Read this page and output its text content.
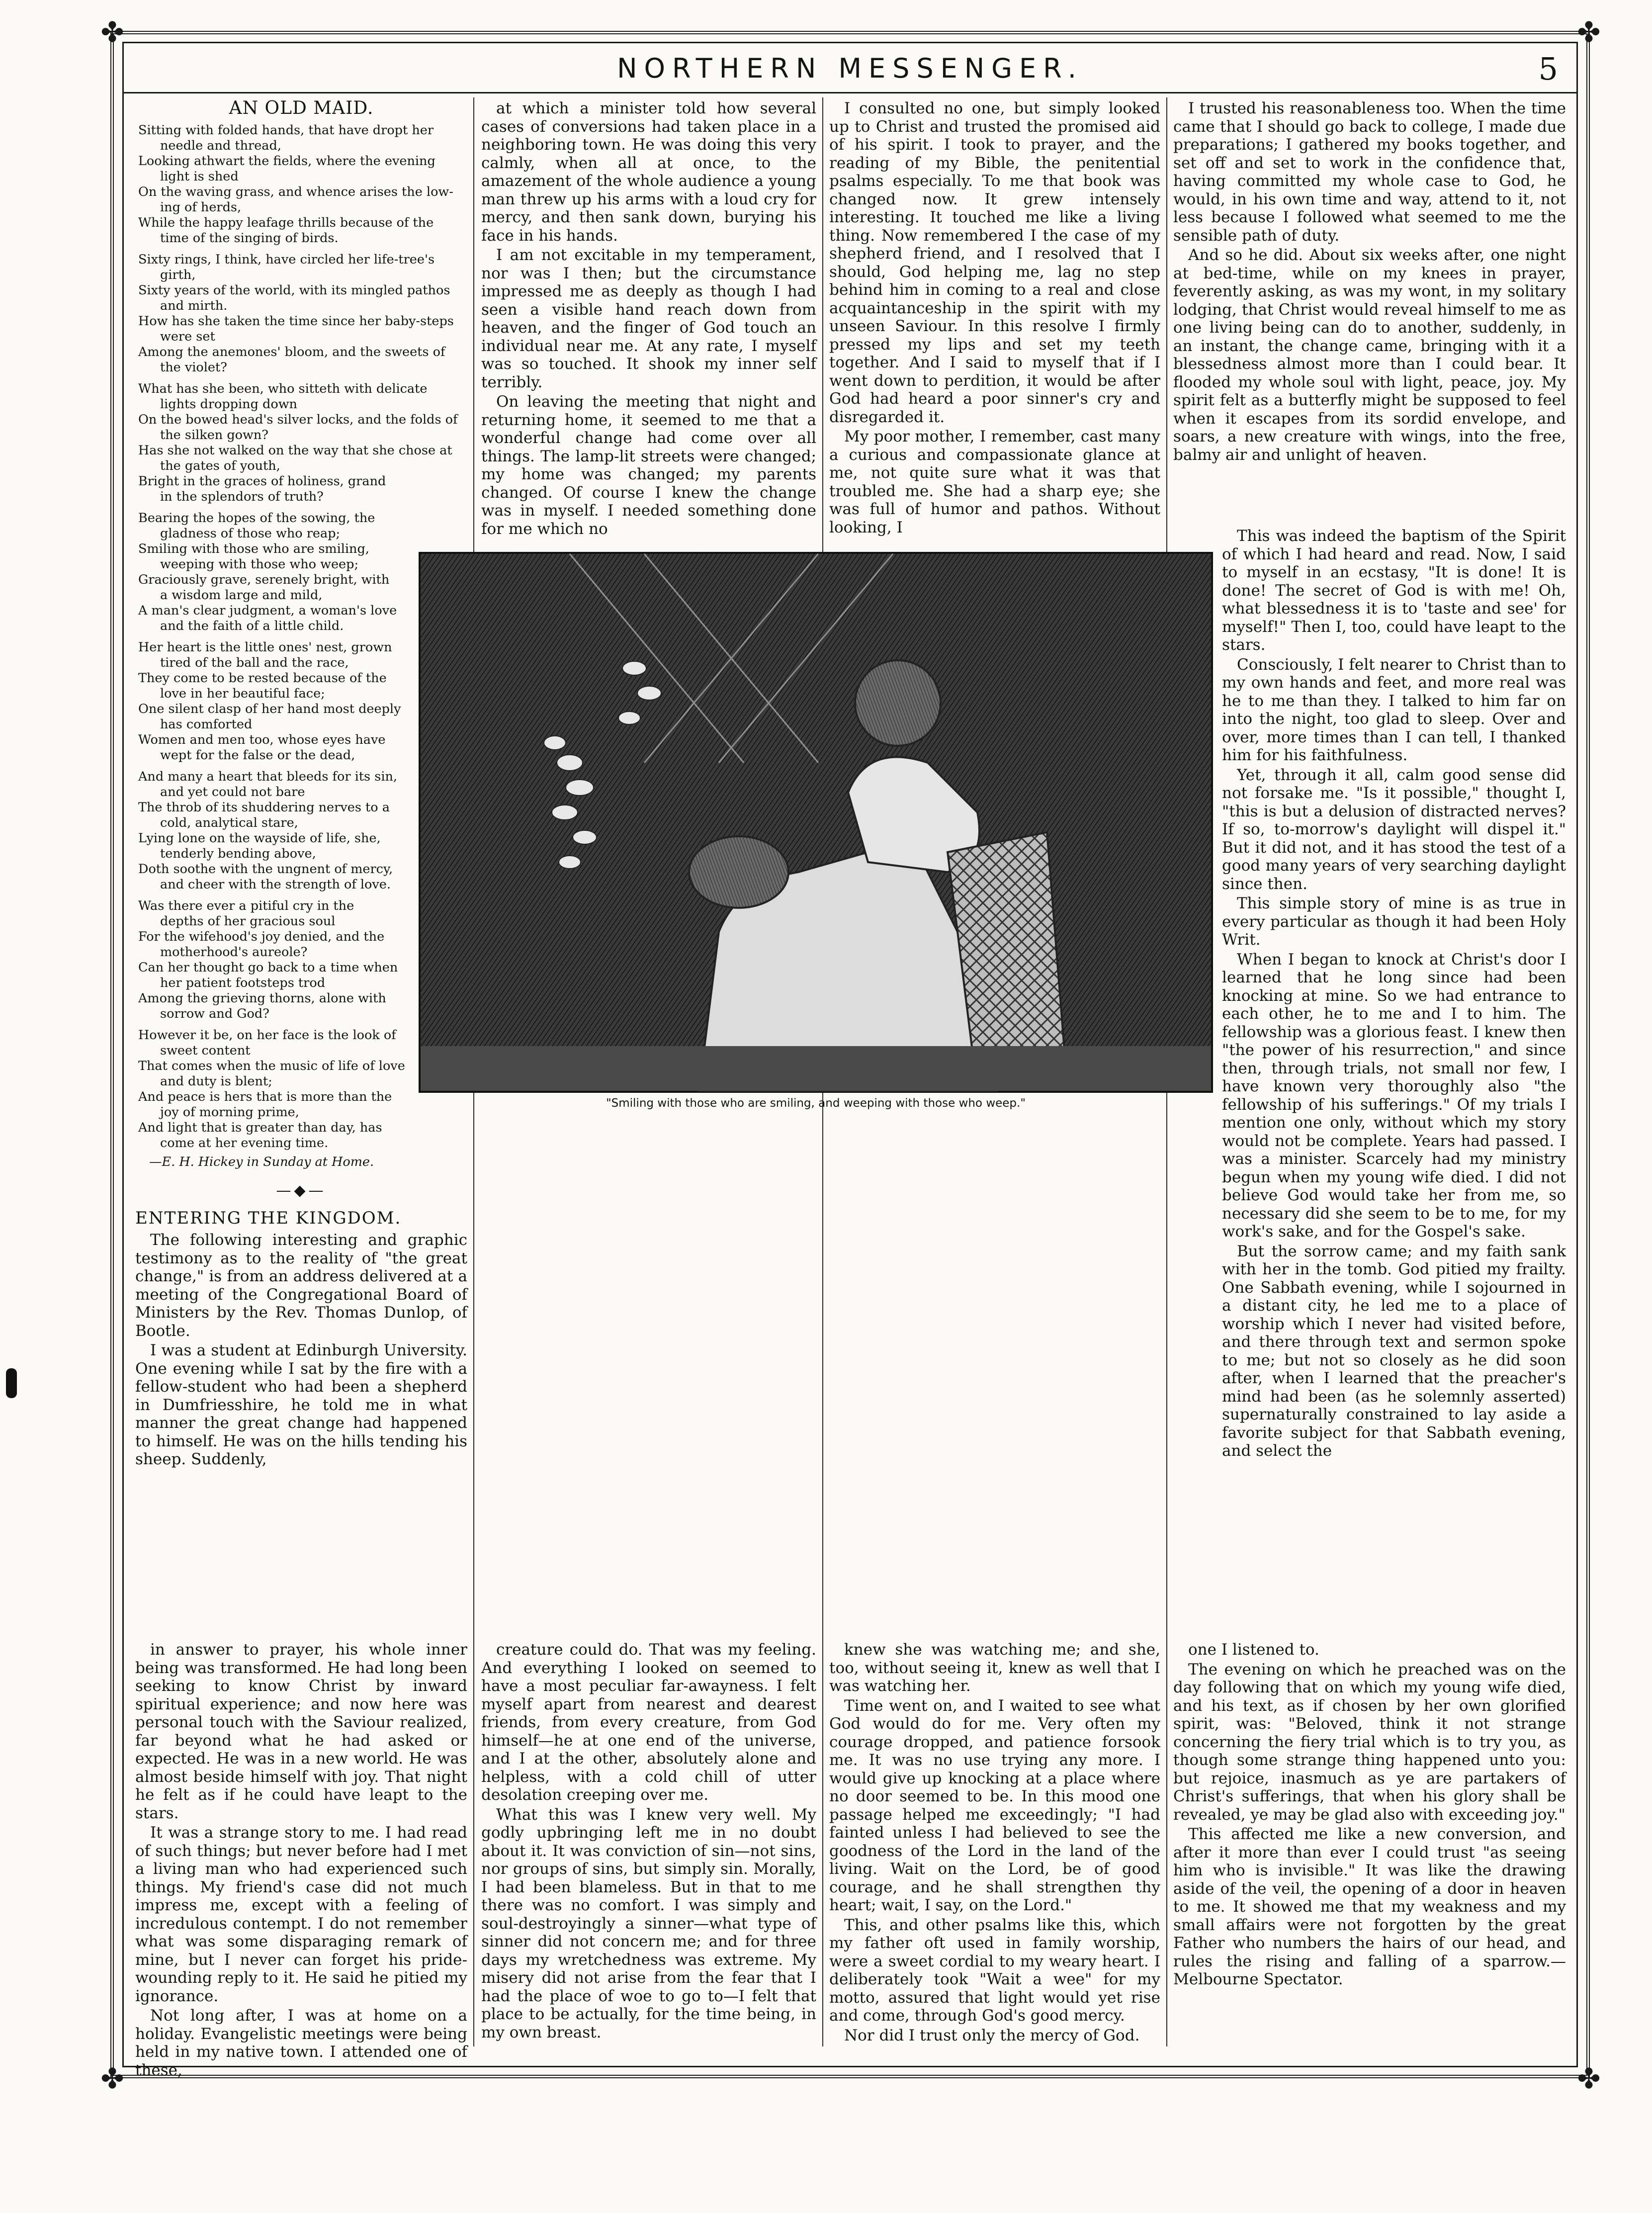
✤	✤
✤	✤
NORTHERN MESSENGER.	5
AN OLD MAID.
Sitting with folded hands, that have dropt her
needle and thread,
Looking athwart the fields, where the evening
light is shed
On the waving grass, and whence arises the low-
ing of herds,
While the happy leafage thrills because of the
time of the singing of birds.
Sixty rings, I think, have circled her life-tree's
girth,
Sixty years of the world, with its mingled pathos
and mirth.
How has she taken the time since her baby-steps
were set
Among the anemones' bloom, and the sweets of
the violet?
What has she been, who sitteth with delicate
lights dropping down
On the bowed head's silver locks, and the folds of
the silken gown?
Has she not walked on the way that she chose at
the gates of youth,
Bright in the graces of holiness, grand
in the splendors of truth?
Bearing the hopes of the sowing, the
gladness of those who reap;
Smiling with those who are smiling,
weeping with those who weep;
Graciously grave, serenely bright, with
a wisdom large and mild,
A man's clear judgment, a woman's love
and the faith of a little child.
Her heart is the little ones' nest, grown
tired of the ball and the race,
They come to be rested because of the
love in her beautiful face;
One silent clasp of her hand most deeply
has comforted
Women and men too, whose eyes have
wept for the false or the dead,
And many a heart that bleeds for its sin,
and yet could not bare
The throb of its shuddering nerves to a
cold, analytical stare,
Lying lone on the wayside of life, she,
tenderly bending above,
Doth soothe with the ungnent of mercy,
and cheer with the strength of love.
Was there ever a pitiful cry in the
depths of her gracious soul
For the wifehood's joy denied, and the
motherhood's aureole?
Can her thought go back to a time when
her patient footsteps trod
Among the grieving thorns, alone with
sorrow and God?
However it be, on her face is the look of
sweet content
That comes when the music of life of love
and duty is blent;
And peace is hers that is more than the
joy of morning prime,
And light that is greater than day, has
come at her evening time.
—E. H. Hickey in Sunday at Home.
—◆—
ENTERING THE KINGDOM.

The following interesting and graphic testimony as to the reality of "the great change," is from an address delivered at a meeting of the Congregational Board of Ministers by the Rev. Thomas Dunlop, of Bootle.

I was a student at Edinburgh University. One evening while I sat by the fire with a fellow-student who had been a shepherd in Dumfriesshire, he told me in what manner the great change had happened to himself. He was on the hills tending his sheep. Suddenly,

in answer to prayer, his whole inner being was transformed. He had long been seeking to know Christ by inward spiritual experience; and now here was personal touch with the Saviour realized, far beyond what he had asked or expected. He was in a new world. He was almost beside himself with joy. That night he felt as if he could have leapt to the stars.

It was a strange story to me. I had read of such things; but never before had I met a living man who had experienced such things. My friend's case did not much impress me, except with a feeling of incredulous contempt. I do not remember what was some disparaging remark of mine, but I never can forget his pride-wounding reply to it. He said he pitied my ignorance.

Not long after, I was at home on a holiday. Evangelistic meetings were being held in my native town. I attended one of these,

at which a minister told how several cases of conversions had taken place in a neighboring town. He was doing this very calmly, when all at once, to the amazement of the whole audience a young man threw up his arms with a loud cry for mercy, and then sank down, burying his face in his hands.

I am not excitable in my temperament, nor was I then; but the circumstance impressed me as deeply as though I had seen a visible hand reach down from heaven, and the finger of God touch an individual near me. At any rate, I myself was so touched. It shook my inner self terribly.

On leaving the meeting that night and returning home, it seemed to me that a wonderful change had come over all things. The lamp-lit streets were changed; my home was changed; my parents changed. Of course I knew the change was in myself. I needed something done for me which no

creature could do. That was my feeling. And everything I looked on seemed to have a most peculiar far-awayness. I felt myself apart from nearest and dearest friends, from every creature, from God himself—he at one end of the universe, and I at the other, absolutely alone and helpless, with a cold chill of utter desolation creeping over me.

What this was I knew very well. My godly upbringing left me in no doubt about it. It was conviction of sin—not sins, nor groups of sins, but simply sin. Morally, I had been blameless. But in that to me there was no comfort. I was simply and soul-destroyingly a sinner—what type of sinner did not concern me; and for three days my wretchedness was extreme. My misery did not arise from the fear that I had the place of woe to go to—I felt that place to be actually, for the time being, in my own breast.

I consulted no one, but simply looked up to Christ and trusted the promised aid of his spirit. I took to prayer, and the reading of my Bible, the penitential psalms especially. To me that book was changed now. It grew intensely interesting. It touched me like a living thing. Now remembered I the case of my shepherd friend, and I resolved that I should, God helping me, lag no step behind him in coming to a real and close acquaintanceship in the spirit with my unseen Saviour. In this resolve I firmly pressed my lips and set my teeth together. And I said to myself that if I went down to perdition, it would be after God had heard a poor sinner's cry and disregarded it.

My poor mother, I remember, cast many a curious and compassionate glance at me, not quite sure what it was that troubled me. She had a sharp eye; she was full of humor and pathos. Without looking, I

knew she was watching me; and she, too, without seeing it, knew as well that I was watching her.

Time went on, and I waited to see what God would do for me. Very often my courage dropped, and patience forsook me. It was no use trying any more. I would give up knocking at a place where no door seemed to be. In this mood one passage helped me exceedingly; "I had fainted unless I had believed to see the goodness of the Lord in the land of the living. Wait on the Lord, be of good courage, and he shall strengthen thy heart; wait, I say, on the Lord."

This, and other psalms like this, which my father oft used in family worship, were a sweet cordial to my weary heart. I deliberately took "Wait a wee" for my motto, assured that light would yet rise and come, through God's good mercy.

Nor did I trust only the mercy of God.

I trusted his reasonableness too. When the time came that I should go back to college, I made due preparations; I gathered my books together, and set off and set to work in the confidence that, having committed my whole case to God, he would, in his own time and way, attend to it, not less because I followed what seemed to me the sensible path of duty.

And so he did. About six weeks after, one night at bed-time, while on my knees in prayer, feverently asking, as was my wont, in my solitary lodging, that Christ would reveal himself to me as one living being can do to another, suddenly, in an instant, the change came, bringing with it a blessedness almost more than I could bear. It flooded my whole soul with light, peace, joy. My spirit felt as a butterfly might be supposed to feel when it escapes from its sordid envelope, and soars, a new creature with wings, into the free, balmy air and unlight of heaven.

This was indeed the baptism of the Spirit of which I had heard and read. Now, I said to myself in an ecstasy, "It is done! It is done! The secret of God is with me! Oh, what blessedness it is to 'taste and see' for myself!" Then I, too, could have leapt to the stars.

Consciously, I felt nearer to Christ than to my own hands and feet, and more real was he to me than they. I talked to him far on into the night, too glad to sleep. Over and over, more times than I can tell, I thanked him for his faithfulness.

Yet, through it all, calm good sense did not forsake me. "Is it possible," thought I, "this is but a delusion of distracted nerves? If so, to-morrow's daylight will dispel it." But it did not, and it has stood the test of a good many years of very searching daylight since then.

This simple story of mine is as true in every particular as though it had been Holy Writ.

When I began to knock at Christ's door I learned that he long since had been knocking at mine. So we had entrance to each other, he to me and I to him. The fellowship was a glorious feast. I knew then "the power of his resurrection," and since then, through trials, not small nor few, I have known very thoroughly also "the fellowship of his sufferings." Of my trials I mention one only, without which my story would not be complete. Years had passed. I was a minister. Scarcely had my ministry begun when my young wife died. I did not believe God would take her from me, so necessary did she seem to be to me, for my work's sake, and for the Gospel's sake.

But the sorrow came; and my faith sank with her in the tomb. God pitied my frailty. One Sabbath evening, while I sojourned in a distant city, he led me to a place of worship which I never had visited before, and there through text and sermon spoke to me; but not so closely as he did soon after, when I learned that the preacher's mind had been (as he solemnly asserted) supernaturally constrained to lay aside a favorite subject for that Sabbath evening, and select the

one I listened to.

The evening on which he preached was on the day following that on which my young wife died, and his text, as if chosen by her own glorified spirit, was: "Beloved, think it not strange concerning the fiery trial which is to try you, as though some strange thing happened unto you: but rejoice, inasmuch as ye are partakers of Christ's sufferings, that when his glory shall be revealed, ye may be glad also with exceeding joy."

This affected me like a new conversion, and after it more than ever I could trust "as seeing him who is invisible." It was like the drawing aside of the veil, the opening of a door in heaven to me. It showed me that my weakness and my small affairs were not forgotten by the great Father who numbers the hairs of our head, and rules the rising and falling of a sparrow.—Melbourne Spectator.

"Smiling with those who are smiling, and weeping with those who weep."
